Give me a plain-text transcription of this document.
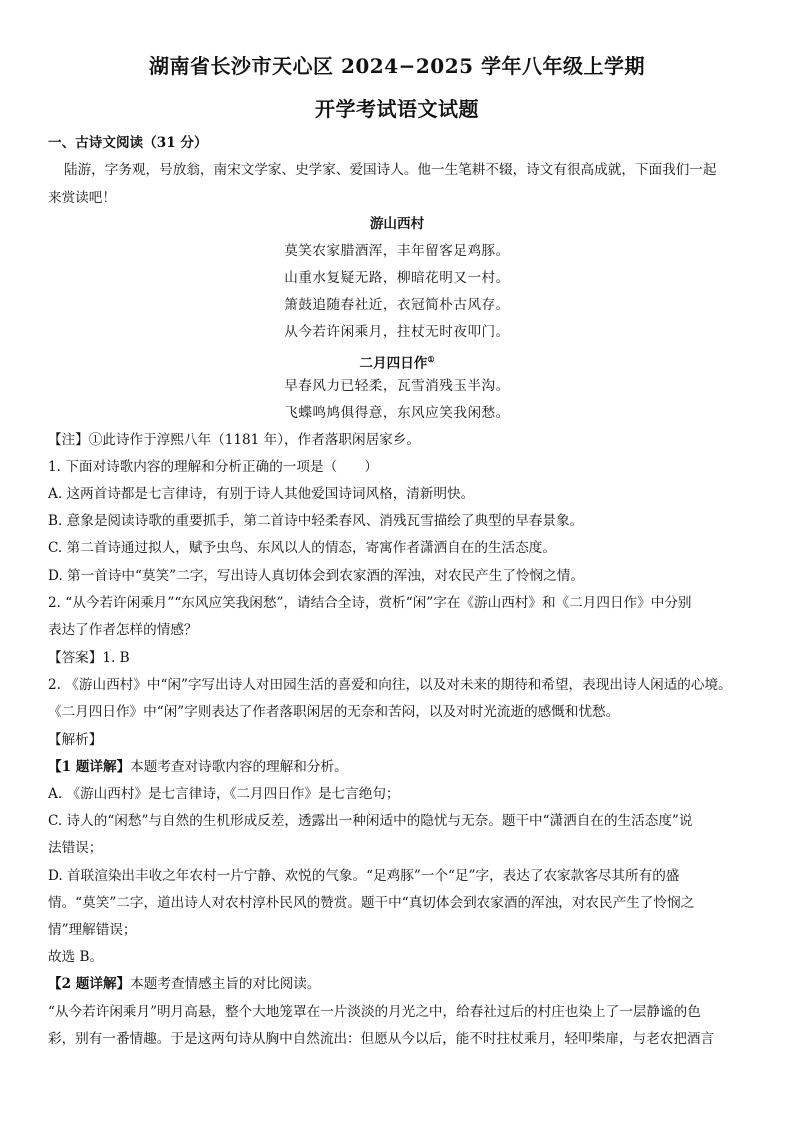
湖南省长沙市天心区 2024−2025 学年八年级上学期
开学考试语文试题
一、古诗文阅读（31 分）
陆游，字务观，号放翁，南宋文学家、史学家、爱国诗人。他一生笔耕不辍，诗文有很高成就，下面我们一起
来赏读吧！
游山西村
莫笑农家腊酒浑，丰年留客足鸡豚。
山重水复疑无路，柳暗花明又一村。
箫鼓追随春社近，衣冠简朴古风存。
从今若许闲乘月，拄杖无时夜叩门。
二月四日作①
早春风力已轻柔，瓦雪消残玉半沟。
飞蝶鸣鸠俱得意，东风应笑我闲愁。
【注】①此诗作于淳熙八年（1181 年），作者落职闲居家乡。
1. 下面对诗歌内容的理解和分析正确的一项是（　　）
A. 这两首诗都是七言律诗，有别于诗人其他爱国诗词风格，清新明快。
B. 意象是阅读诗歌的重要抓手，第二首诗中轻柔春风、消残瓦雪描绘了典型的早春景象。
C. 第二首诗通过拟人，赋予虫鸟、东风以人的情态，寄寓作者潇洒自在的生活态度。
D. 第一首诗中“莫笑”二字，写出诗人真切体会到农家酒的浑浊，对农民产生了怜悯之情。
2. “从今若许闲乘月”“东风应笑我闲愁”，请结合全诗，赏析“闲”字在《游山西村》和《二月四日作》中分别
表达了作者怎样的情感？
【答案】1. B
2. 《游山西村》中“闲”字写出诗人对田园生活的喜爱和向往，以及对未来的期待和希望，表现出诗人闲适的心境。
《二月四日作》中“闲”字则表达了作者落职闲居的无奈和苦闷，以及对时光流逝的感慨和忧愁。
【解析】
【1 题详解】本题考查对诗歌内容的理解和分析。
A. 《游山西村》是七言律诗，《二月四日作》是七言绝句；
C. 诗人的“闲愁”与自然的生机形成反差，透露出一种闲适中的隐忧与无奈。题干中“潇洒自在的生活态度”说
法错误；
D. 首联渲染出丰收之年农村一片宁静、欢悦的气象。“足鸡豚”一个“足”字，表达了农家款客尽其所有的盛
情。“莫笑”二字，道出诗人对农村淳朴民风的赞赏。题干中“真切体会到农家酒的浑浊，对农民产生了怜悯之
情”理解错误；
故选 B。
【2 题详解】本题考查情感主旨的对比阅读。
“从今若许闲乘月”明月高悬，整个大地笼罩在一片淡淡的月光之中，给春社过后的村庄也染上了一层静谧的色
彩，别有一番情趣。于是这两句诗从胸中自然流出：但愿从今以后，能不时拄杖乘月，轻叩柴扉，与老农把酒言
